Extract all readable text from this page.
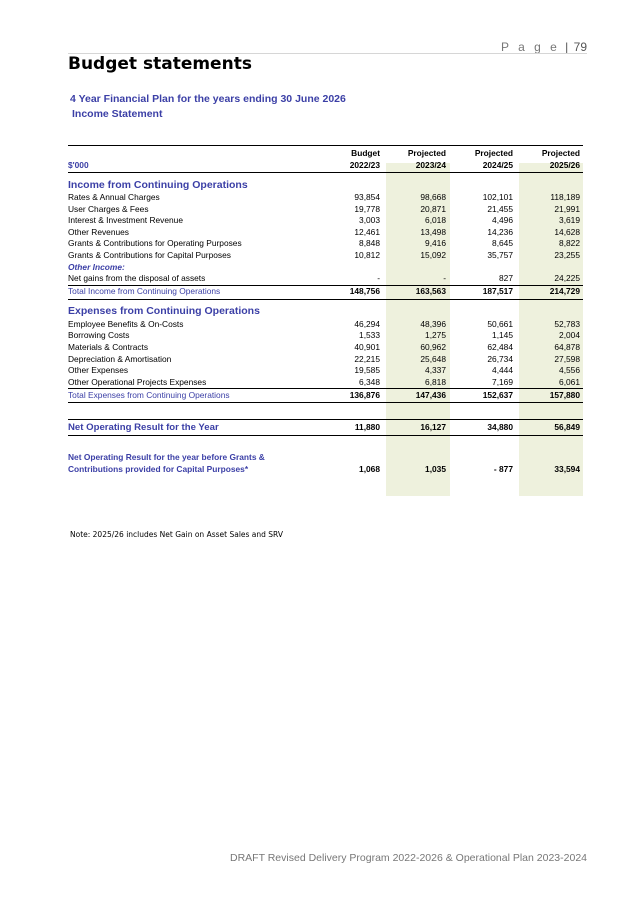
P a g e | 79
Budget statements
4 Year Financial Plan for the years ending 30 June 2026
Income Statement
	Budget	Projected	Projected	Projected
$'000	2022/23	2023/24	2024/25	2025/26
Income from Continuing Operations				
Rates & Annual Charges	93,854	98,668	102,101	118,189
User Charges & Fees	19,778	20,871	21,455	21,991
Interest & Investment Revenue	3,003	6,018	4,496	3,619
Other Revenues	12,461	13,498	14,236	14,628
Grants & Contributions for Operating Purposes	8,848	9,416	8,645	8,822
Grants & Contributions for Capital Purposes	10,812	15,092	35,757	23,255
Other Income:				
Net gains from the disposal of assets	-	-	827	24,225
Total Income from Continuing Operations	148,756	163,563	187,517	214,729
Expenses from Continuing Operations				
Employee Benefits & On-Costs	46,294	48,396	50,661	52,783
Borrowing Costs	1,533	1,275	1,145	2,004
Materials & Contracts	40,901	60,962	62,484	64,878
Depreciation & Amortisation	22,215	25,648	26,734	27,598
Other Expenses	19,585	4,337	4,444	4,556
Other Operational Projects Expenses	6,348	6,818	7,169	6,061
Total Expenses from Continuing Operations	136,876	147,436	152,637	157,880

Net Operating Result for the Year	11,880	16,127	34,880	56,849

Net Operating Result for the year before Grants &				
Contributions provided for Capital Purposes*	1,068	1,035	- 877	33,594
Note: 2025/26 includes Net Gain on Asset Sales and SRV
DRAFT Revised Delivery Program 2022-2026 & Operational Plan 2023-2024
